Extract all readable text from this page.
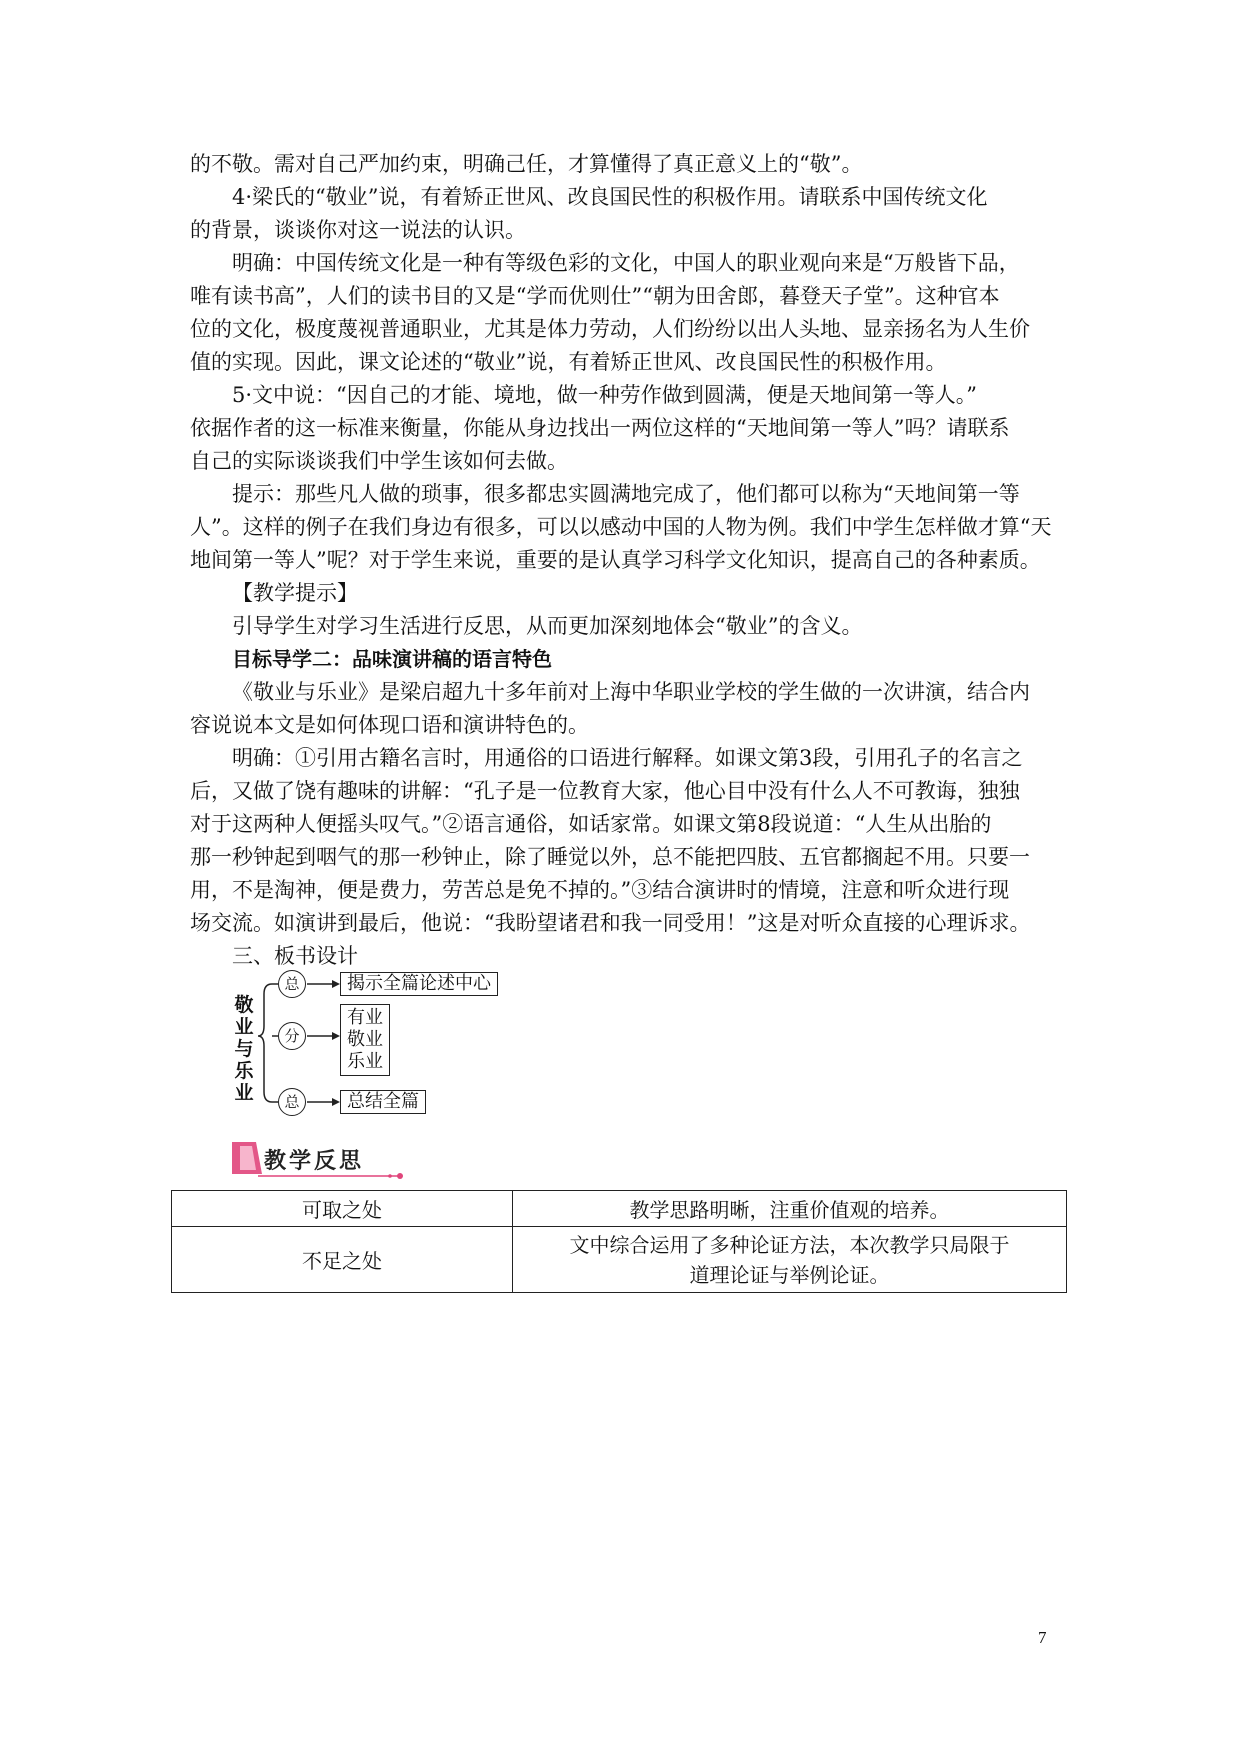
的不敬。需对自己严加约束，明确己任，才算懂得了真正意义上的“敬”。
4·梁氏的“敬业”说，有着矫正世风、改良国民性的积极作用。请联系中国传统文化
的背景，谈谈你对这一说法的认识。
明确：中国传统文化是一种有等级色彩的文化，中国人的职业观向来是“万般皆下品，
唯有读书高”，人们的读书目的又是“学而优则仕”“朝为田舍郎，暮登天子堂”。这种官本
位的文化，极度蔑视普通职业，尤其是体力劳动，人们纷纷以出人头地、显亲扬名为人生价
值的实现。因此，课文论述的“敬业”说，有着矫正世风、改良国民性的积极作用。
5·文中说：“因自己的才能、境地，做一种劳作做到圆满，便是天地间第一等人。”
依据作者的这一标准来衡量，你能从身边找出一两位这样的“天地间第一等人”吗？请联系
自己的实际谈谈我们中学生该如何去做。
提示：那些凡人做的琐事，很多都忠实圆满地完成了，他们都可以称为“天地间第一等
人”。这样的例子在我们身边有很多，可以以感动中国的人物为例。我们中学生怎样做才算“天
地间第一等人”呢？对于学生来说，重要的是认真学习科学文化知识，提高自己的各种素质。
【教学提示】
引导学生对学习生活进行反思，从而更加深刻地体会“敬业”的含义。
目标导学二：品味演讲稿的语言特色
《敬业与乐业》是梁启超九十多年前对上海中华职业学校的学生做的一次讲演，结合内
容说说本文是如何体现口语和演讲特色的。
明确：①引用古籍名言时，用通俗的口语进行解释。如课文第3段，引用孔子的名言之
后，又做了饶有趣味的讲解：“孔子是一位教育大家，他心目中没有什么人不可教诲，独独
对于这两种人便摇头叹气。”②语言通俗，如话家常。如课文第8段说道：“人生从出胎的
那一秒钟起到咽气的那一秒钟止，除了睡觉以外，总不能把四肢、五官都搁起不用。只要一
用，不是淘神，便是费力，劳苦总是免不掉的。”③结合演讲时的情境，注意和听众进行现
场交流。如演讲到最后，他说：“我盼望诸君和我一同受用！”这是对听众直接的心理诉求。
三、板书设计
敬
业
与
乐
业
总	揭示全篇论述中心
分
有业
敬业
乐业
总	总结全篇
教学反思
可取之处	教学思路明晰，注重价值观的培养。

不足之处	文中综合运用了多种论证方法，本次教学只局限于
道理论证与举例论证。
7
